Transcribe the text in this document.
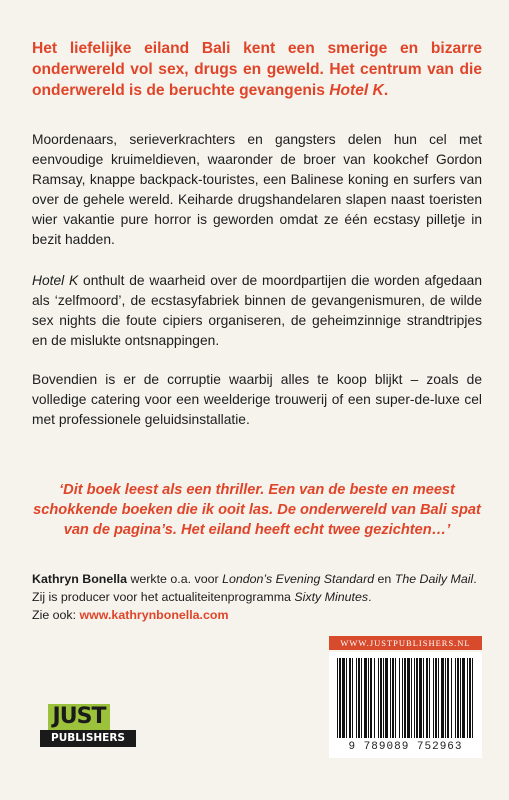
Het liefelijke eiland Bali kent een smerige en bizarre onderwereld vol sex, drugs en geweld. Het centrum van die onderwereld is de beruchte gevangenis Hotel K.

Moordenaars, serieverkrachters en gangsters delen hun cel met eenvoudige kruimeldieven, waaronder de broer van kookchef Gordon Ramsay, knappe backpack-touristes, een Balinese koning en surfers van over de gehele wereld. Keiharde drugshandelaren slapen naast toeristen wier vakantie pure horror is geworden omdat ze één ecstasy pilletje in bezit hadden.

Hotel K onthult de waarheid over de moordpartijen die worden afgedaan als ‘zelfmoord’, de ecstasyfabriek binnen de gevangenismuren, de wilde sex nights die foute cipiers organiseren, de geheimzinnige strandtripjes en de mislukte ontsnappingen.

Bovendien is er de corruptie waarbij alles te koop blijkt – zoals de volledige catering voor een weelderige trouwerij of een super-de-luxe cel met professionele geluidsinstallatie.

‘Dit boek leest als een thriller. Een van de beste en meest schokkende boeken die ik ooit las. De onderwereld van Bali spat van de pagina’s. Het eiland heeft echt twee gezichten…’

Kathryn Bonella werkte o.a. voor London’s Evening Standard en The Daily Mail. Zij is producer voor het actualiteitenprogramma Sixty Minutes.
Zie ook: www.kathrynbonella.com

WWW.JUSTPUBLISHERS.NL
9 789089 752963
JUST
PUBLISHERS
